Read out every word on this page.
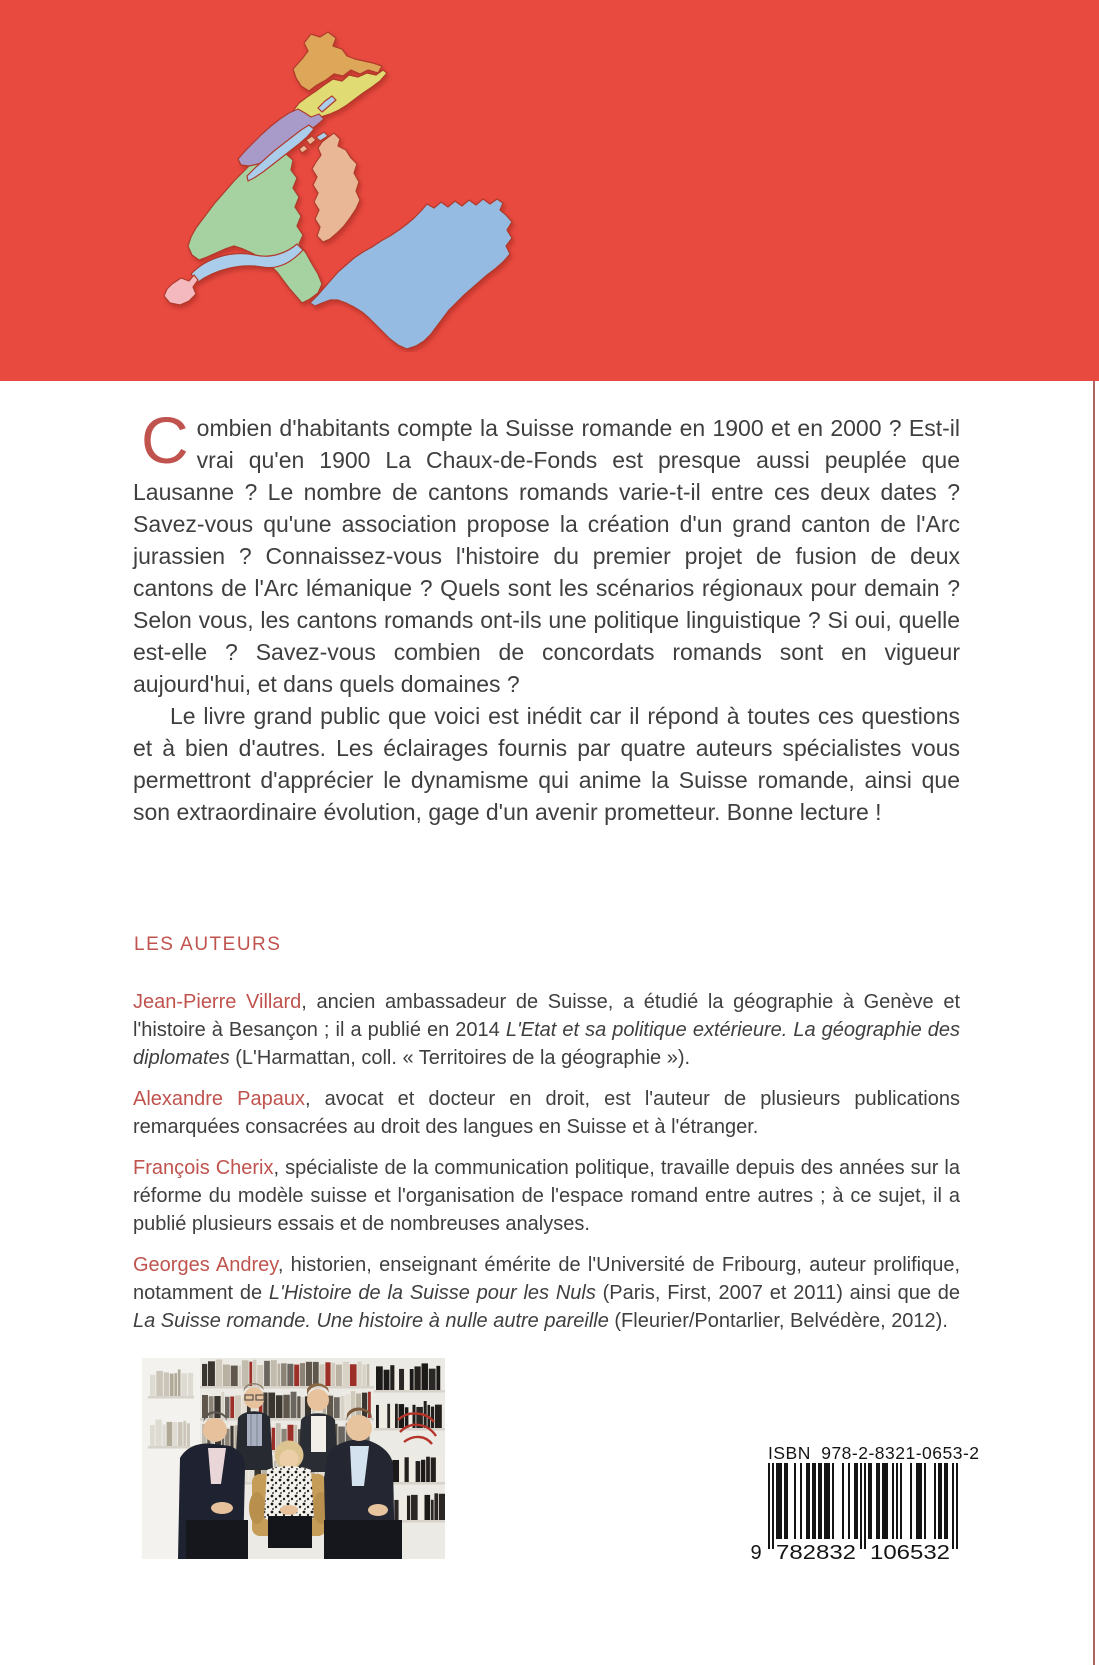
Combien d'habitants compte la Suisse romande en 1900 et en 2000 ? Est-il vrai qu'en 1900 La Chaux-de-Fonds est presque aussi peuplée que Lausanne ? Le nombre de cantons romands varie-t-il entre ces deux dates ? Savez-vous qu'une association propose la création d'un grand canton de l'Arc jurassien ? Connaissez-vous l'histoire du premier projet de fusion de deux cantons de l'Arc lémanique ? Quels sont les scénarios régionaux pour demain ? Selon vous, les cantons romands ont-ils une politique linguistique ? Si oui, quelle est-elle ? Savez-vous combien de concordats romands sont en vigueur aujourd'hui, et dans quels domaines ?

Le livre grand public que voici est inédit car il répond à toutes ces questions et à bien d'autres. Les éclairages fournis par quatre auteurs spécialistes vous permettront d'apprécier le dynamisme qui anime la Suisse romande, ainsi que son extraordinaire évolution, gage d'un avenir prometteur. Bonne lecture !

LES AUTEURS

Jean-Pierre Villard, ancien ambassadeur de Suisse, a étudié la géographie à Genève et l'histoire à Besançon ; il a publié en 2014 L'Etat et sa politique extérieure. La géographie des diplomates (L'Harmattan, coll. « Territoires de la géographie »).

Alexandre Papaux, avocat et docteur en droit, est l'auteur de plusieurs publications remarquées consacrées au droit des langues en Suisse et à l'étranger.

François Cherix, spécialiste de la communication politique, travaille depuis des années sur la réforme du modèle suisse et l'organisation de l'espace romand entre autres ; à ce sujet, il a publié plusieurs essais et de nombreuses analyses.

Georges Andrey, historien, enseignant émérite de l'Université de Fribourg, auteur prolifique, notamment de L'Histoire de la Suisse pour les Nuls (Paris, First, 2007 et 2011) ainsi que de La Suisse romande. Une histoire à nulle autre pareille (Fleurier/Pontarlier, Belvédère, 2012).

ISBN 978-2-8321-0653-2
9 782832 106532
